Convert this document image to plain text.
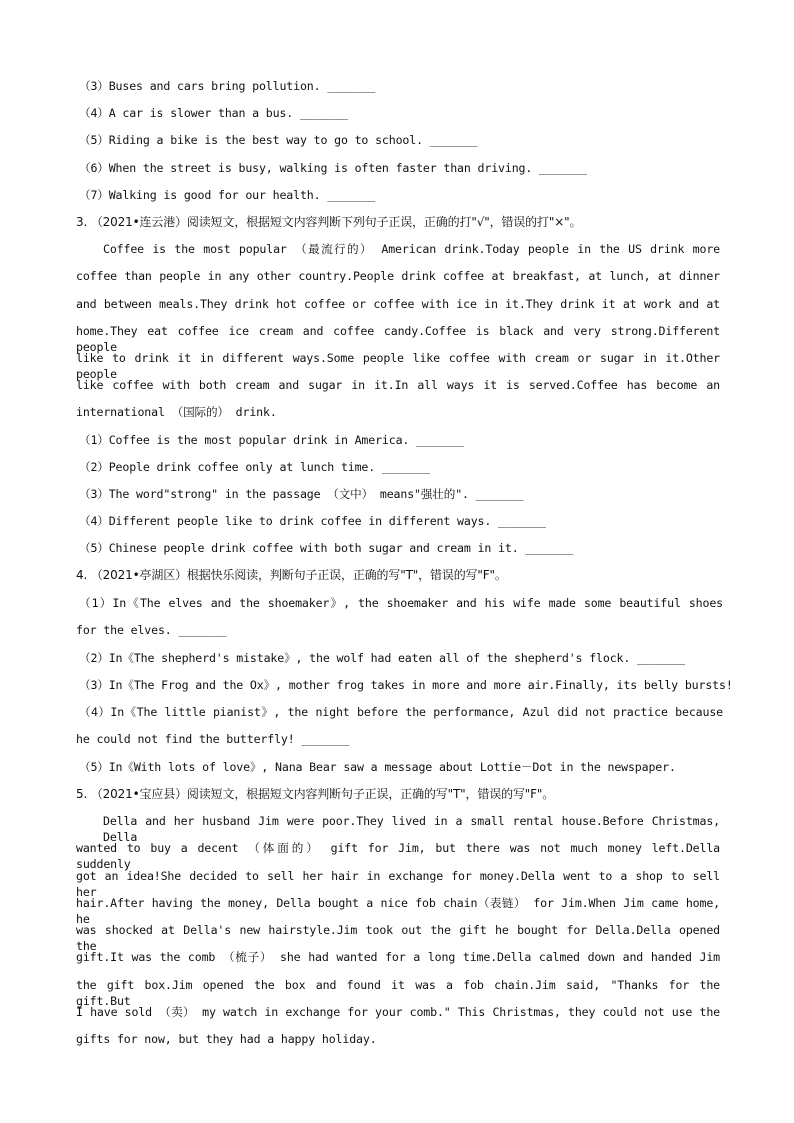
（3）Buses and cars bring pollution. _______
（4）A car is slower than a bus. _______
（5）Riding a bike is the best way to go to school. _______
（6）When the street is busy, walking is often faster than driving. _______
（7）Walking is good for our health. _______
3. （2021•连云港）阅读短文，根据短文内容判断下列句子正误，正确的打"√"，错误的打"×"。
Coffee is the most popular （最流行的） American drink.Today people in the US drink more
coffee than people in any other country.People drink coffee at breakfast, at lunch, at dinner
and between meals.They drink hot coffee or coffee with ice in it.They drink it at work and at
home.They eat coffee ice cream and coffee candy.Coffee is black and very strong.Different people
like to drink it in different ways.Some people like coffee with cream or sugar in it.Other people
like coffee with both cream and sugar in it.In all ways it is served.Coffee has become an
international （国际的） drink.
（1）Coffee is the most popular drink in America. _______
（2）People drink coffee only at lunch time. _______
（3）The word"strong" in the passage （文中） means"强壮的". _______
（4）Different people like to drink coffee in different ways. _______
（5）Chinese people drink coffee with both sugar and cream in it. _______
4. （2021•亭湖区）根据快乐阅读，判断句子正误，正确的写"T"，错误的写"F"。
（1）In《The elves and the shoemaker》, the shoemaker and his wife made some beautiful shoes
for the elves. _______
（2）In《The shepherd's mistake》, the wolf had eaten all of the shepherd's flock. _______
（3）In《The Frog and the Ox》, mother frog takes in more and more air.Finally, its belly bursts!
（4）In《The little pianist》, the night before the performance, Azul did not practice because
he could not find the butterfly! _______
（5）In《With lots of love》, Nana Bear saw a message about Lottie－Dot in the newspaper.
5. （2021•宝应县）阅读短文，根据短文内容判断句子正误，正确的写"T"，错误的写"F"。
Della and her husband Jim were poor.They lived in a small rental house.Before Christmas, Della
wanted to buy a decent （体面的） gift for Jim, but there was not much money left.Della suddenly
got an idea!She decided to sell her hair in exchange for money.Della went to a shop to sell her
hair.After having the money, Della bought a nice fob chain（表链） for Jim.When Jim came home, he
was shocked at Della's new hairstyle.Jim took out the gift he bought for Della.Della opened the
gift.It was the comb （梳子） she had wanted for a long time.Della calmed down and handed Jim
the gift box.Jim opened the box and found it was a fob chain.Jim said, "Thanks for the gift.But
I have sold （卖） my watch in exchange for your comb." This Christmas, they could not use the
gifts for now, but they had a happy holiday.
